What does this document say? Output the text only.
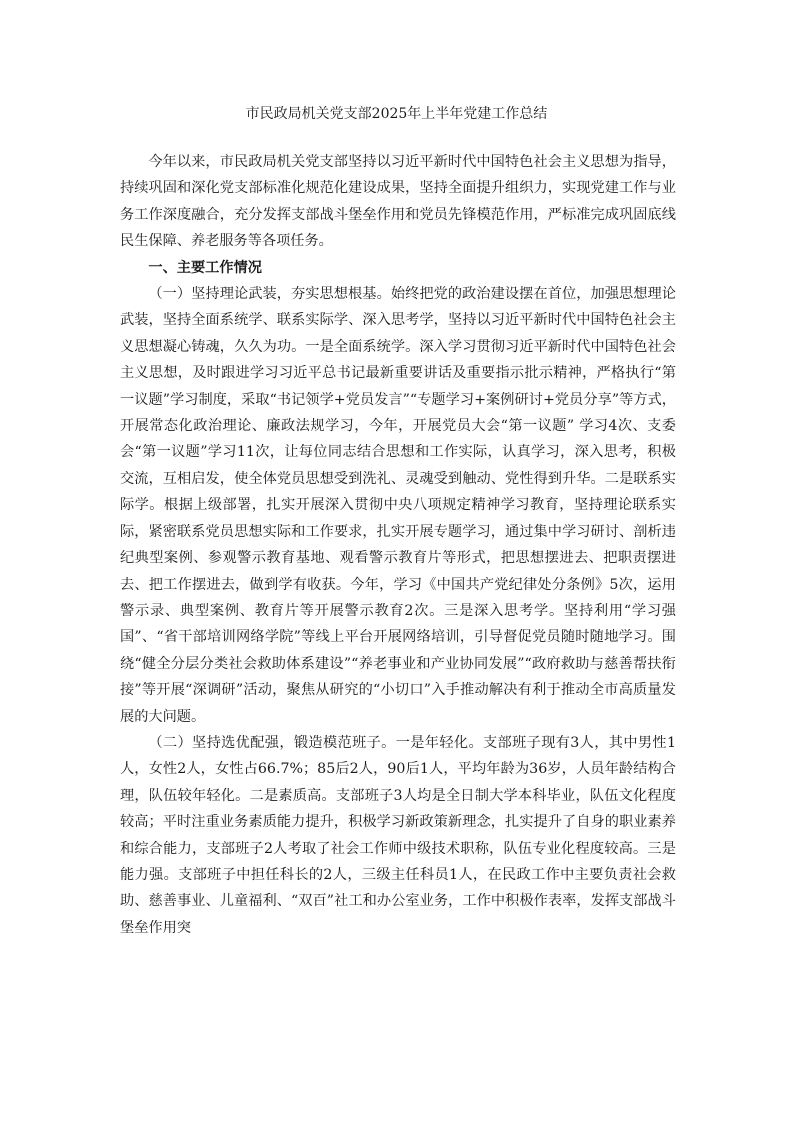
市民政局机关党支部2025年上半年党建工作总结

今年以来，市民政局机关党支部坚持以习近平新时代中国特色社会主义思想为指导，持续巩固和深化党支部标准化规范化建设成果，坚持全面提升组织力，实现党建工作与业务工作深度融合，充分发挥支部战斗堡垒作用和党员先锋模范作用，严标准完成巩固底线民生保障、养老服务等各项任务。

一、主要工作情况

（一）坚持理论武装，夯实思想根基。始终把党的政治建设摆在首位，加强思想理论武装，坚持全面系统学、联系实际学、深入思考学，坚持以习近平新时代中国特色社会主义思想凝心铸魂，久久为功。一是全面系统学。深入学习贯彻习近平新时代中国特色社会主义思想，及时跟进学习习近平总书记最新重要讲话及重要指示批示精神，严格执行“第一议题”学习制度，采取“书记领学+党员发言”“专题学习+案例研讨+党员分享”等方式，开展常态化政治理论、廉政法规学习，今年，开展党员大会“第一议题” 学习4次、支委会“第一议题”学习11次，让每位同志结合思想和工作实际，认真学习，深入思考，积极交流，互相启发，使全体党员思想受到洗礼、灵魂受到触动、党性得到升华。二是联系实际学。根据上级部署，扎实开展深入贯彻中央八项规定精神学习教育，坚持理论联系实际，紧密联系党员思想实际和工作要求，扎实开展专题学习，通过集中学习研讨、剖析违纪典型案例、参观警示教育基地、观看警示教育片等形式，把思想摆进去、把职责摆进去、把工作摆进去，做到学有收获。今年，学习《中国共产党纪律处分条例》5次，运用警示录、典型案例、教育片等开展警示教育2次。三是深入思考学。坚持利用“学习强国”、“省干部培训网络学院”等线上平台开展网络培训，引导督促党员随时随地学习。围绕“健全分层分类社会救助体系建设”“养老事业和产业协同发展”“政府救助与慈善帮扶衔接”等开展“深调研”活动，聚焦从研究的“小切口”入手推动解决有利于推动全市高质量发展的大问题。

（二）坚持选优配强，锻造模范班子。一是年轻化。支部班子现有3人，其中男性1人，女性2人，女性占66.7%；85后2人，90后1人，平均年龄为36岁，人员年龄结构合理，队伍较年轻化。二是素质高。支部班子3人均是全日制大学本科毕业，队伍文化程度较高；平时注重业务素质能力提升，积极学习新政策新理念，扎实提升了自身的职业素养和综合能力，支部班子2人考取了社会工作师中级技术职称，队伍专业化程度较高。三是能力强。支部班子中担任科长的2人，三级主任科员1人，在民政工作中主要负责社会救助、慈善事业、儿童福利、“双百”社工和办公室业务，工作中积极作表率，发挥支部战斗堡垒作用突
